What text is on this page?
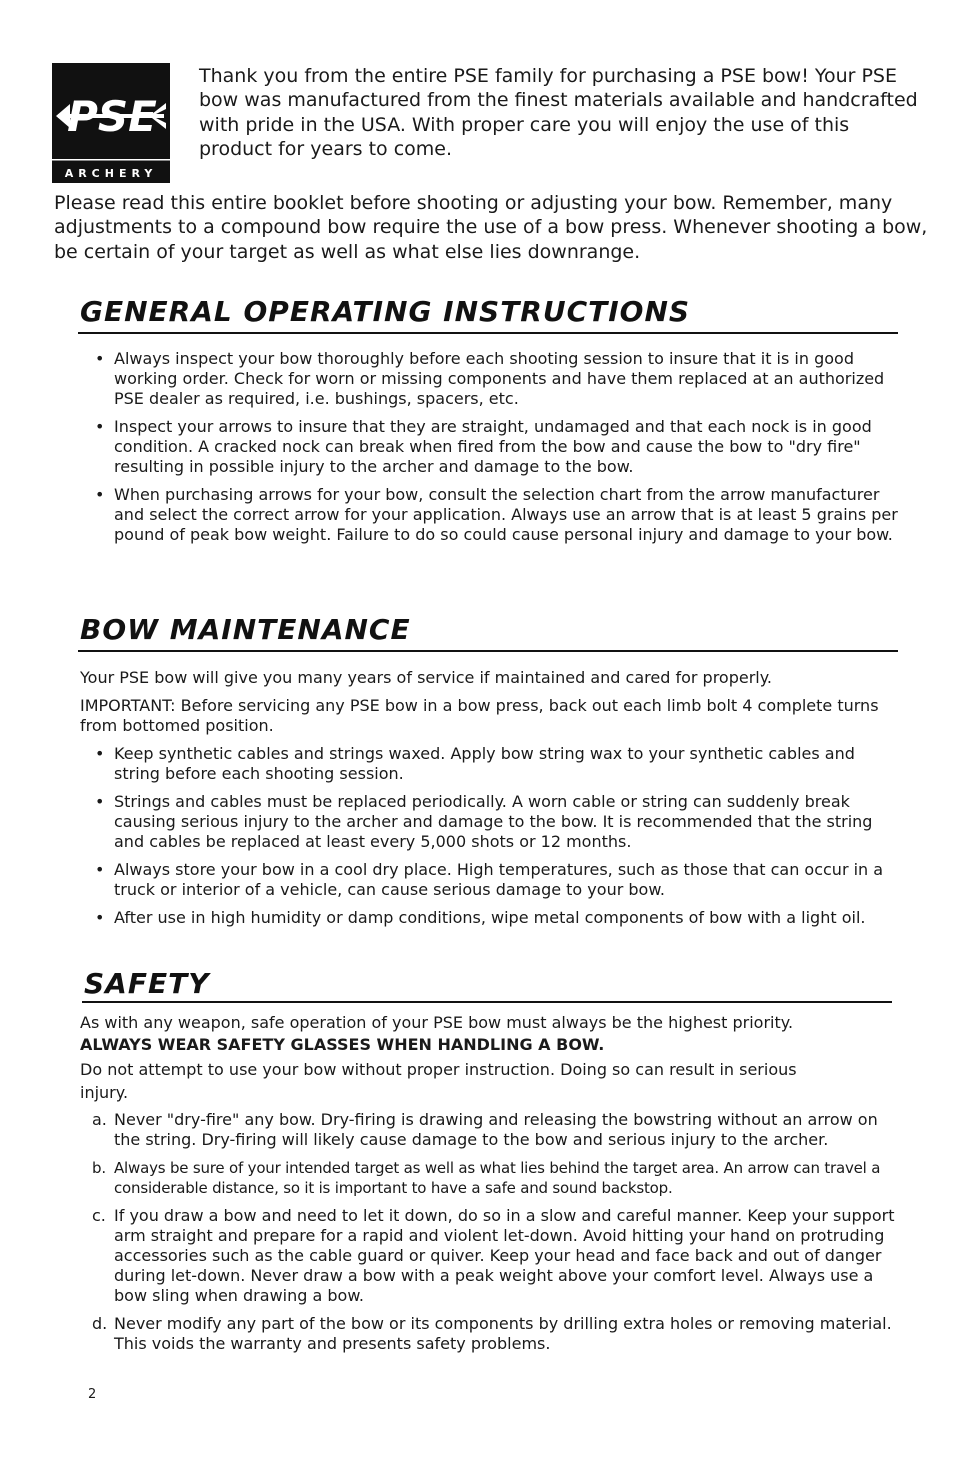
PSE
ARCHERY

Thank you from the entire PSE family for purchasing a PSE bow! Your PSE bow was manufactured from the finest materials available and handcrafted with pride in the USA. With proper care you will enjoy the use of this product for years to come.

Please read this entire booklet before shooting or adjusting your bow. Remember, many adjustments to a compound bow require the use of a bow press. Whenever shooting a bow, be certain of your target as well as what else lies downrange.

GENERAL OPERATING INSTRUCTIONS
• Always inspect your bow thoroughly before each shooting session to insure that it is in good working order. Check for worn or missing components and have them replaced at an authorized PSE dealer as required, i.e. bushings, spacers, etc.
• Inspect your arrows to insure that they are straight, undamaged and that each nock is in good condition. A cracked nock can break when fired from the bow and cause the bow to "dry fire" resulting in possible injury to the archer and damage to the bow.
• When purchasing arrows for your bow, consult the selection chart from the arrow manufacturer and select the correct arrow for your application. Always use an arrow that is at least 5 grains per pound of peak bow weight. Failure to do so could cause personal injury and damage to your bow.
BOW MAINTENANCE

Your PSE bow will give you many years of service if maintained and cared for properly.

IMPORTANT: Before servicing any PSE bow in a bow press, back out each limb bolt 4 complete turns from bottomed position.

• Keep synthetic cables and strings waxed. Apply bow string wax to your synthetic cables and string before each shooting session.
• Strings and cables must be replaced periodically. A worn cable or string can suddenly break causing serious injury to the archer and damage to the bow. It is recommended that the string and cables be replaced at least every 5,000 shots or 12 months.
• Always store your bow in a cool dry place. High temperatures, such as those that can occur in a truck or interior of a vehicle, can cause serious damage to your bow.
• After use in high humidity or damp conditions, wipe metal components of bow with a light oil.
SAFETY

As with any weapon, safe operation of your PSE bow must always be the highest priority.

ALWAYS WEAR SAFETY GLASSES WHEN HANDLING A BOW.

Do not attempt to use your bow without proper instruction. Doing so can result in serious injury.

a. Never "dry-fire" any bow. Dry-firing is drawing and releasing the bowstring without an arrow on the string. Dry-firing will likely cause damage to the bow and serious injury to the archer.
b. Always be sure of your intended target as well as what lies behind the target area. An arrow can travel a considerable distance, so it is important to have a safe and sound backstop.
c. If you draw a bow and need to let it down, do so in a slow and careful manner. Keep your support arm straight and prepare for a rapid and violent let-down. Avoid hitting your hand on protruding accessories such as the cable guard or quiver. Keep your head and face back and out of danger during let-down. Never draw a bow with a peak weight above your comfort level. Always use a bow sling when drawing a bow.
d. Never modify any part of the bow or its components by drilling extra holes or removing material. This voids the warranty and presents safety problems.
2
